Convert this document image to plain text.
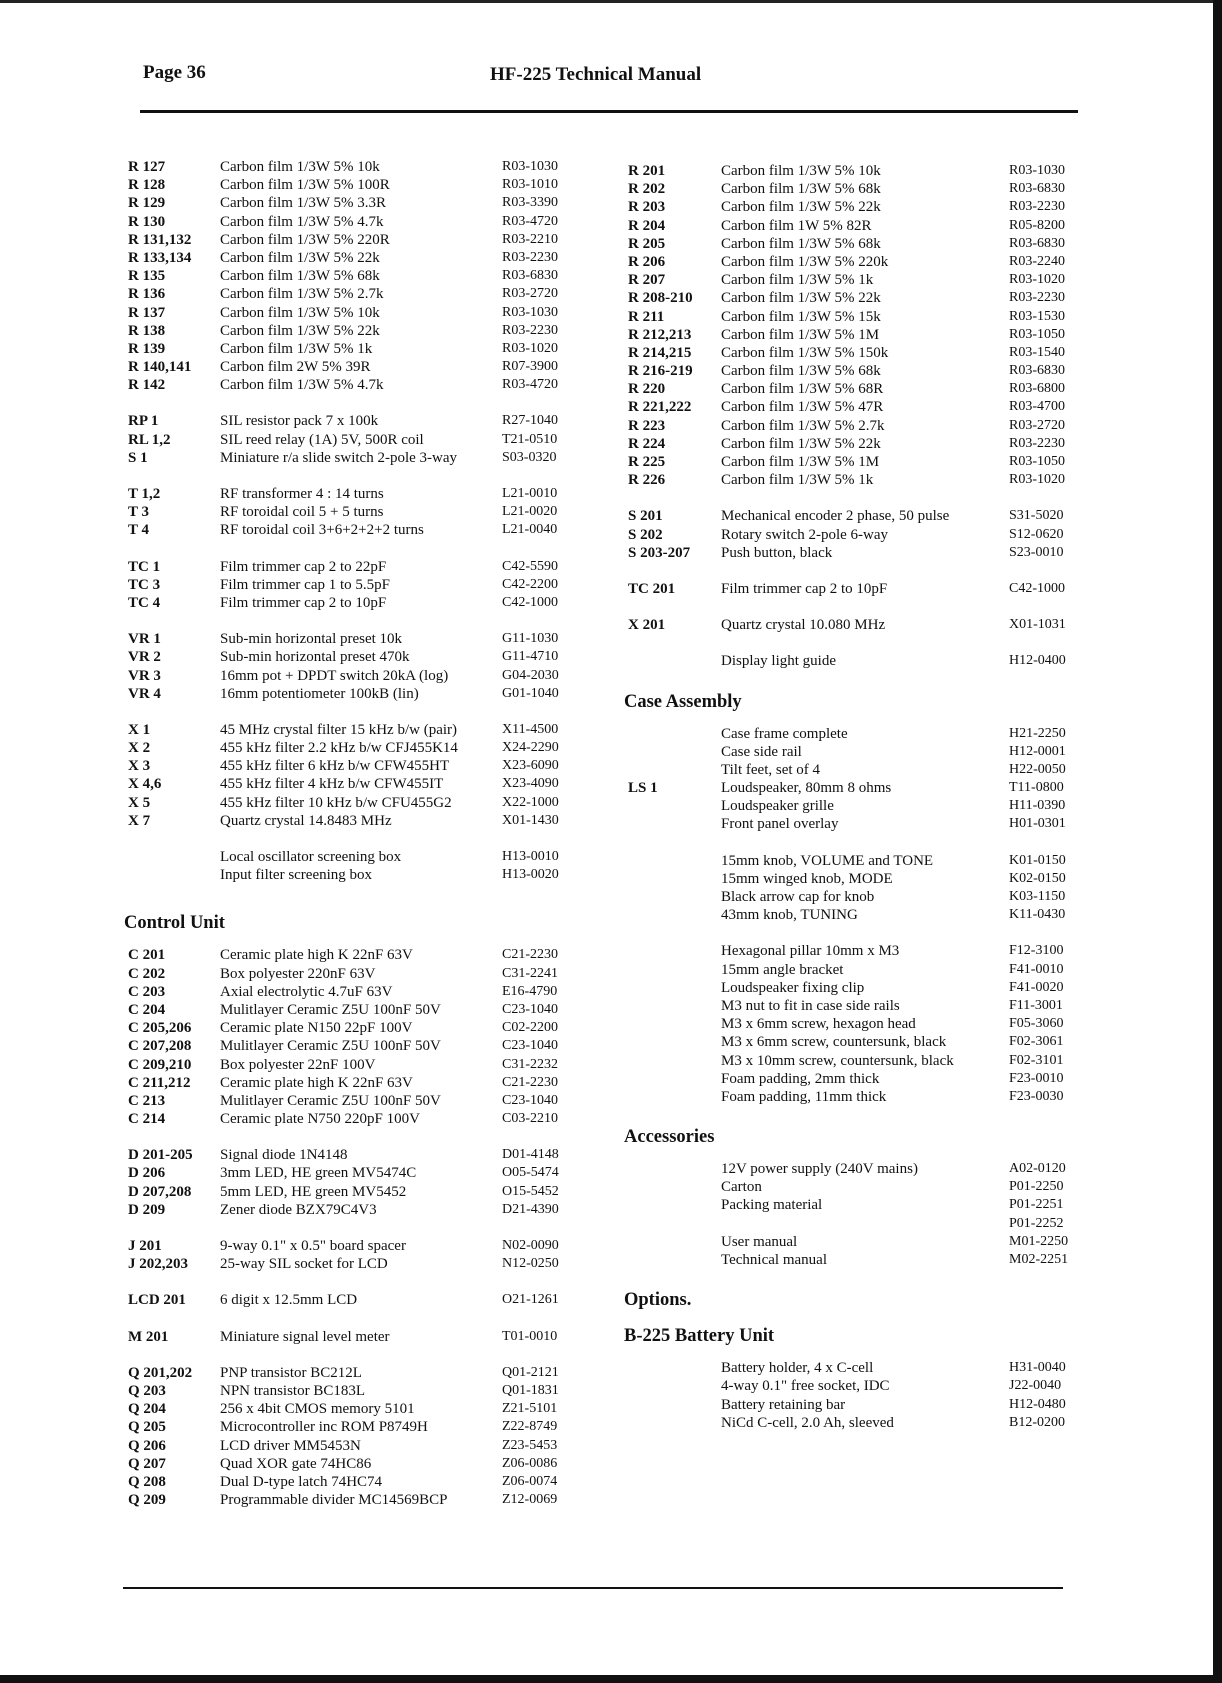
Page 36	HF-225 Technical Manual
R 127	Carbon film 1/3W 5% 10k	R03-1030
R 128	Carbon film 1/3W 5% 100R	R03-1010
R 129	Carbon film 1/3W 5% 3.3R	R03-3390
R 130	Carbon film 1/3W 5% 4.7k	R03-4720
R 131,132	Carbon film 1/3W 5% 220R	R03-2210
R 133,134	Carbon film 1/3W 5% 22k	R03-2230
R 135	Carbon film 1/3W 5% 68k	R03-6830
R 136	Carbon film 1/3W 5% 2.7k	R03-2720
R 137	Carbon film 1/3W 5% 10k	R03-1030
R 138	Carbon film 1/3W 5% 22k	R03-2230
R 139	Carbon film 1/3W 5% 1k	R03-1020
R 140,141	Carbon film 2W 5% 39R	R07-3900
R 142	Carbon film 1/3W 5% 4.7k	R03-4720
RP 1	SIL resistor pack 7 x 100k	R27-1040
RL 1,2	SIL reed relay (1A) 5V, 500R coil	T21-0510
S 1	Miniature r/a slide switch 2-pole 3-way	S03-0320
T 1,2	RF transformer 4 : 14 turns	L21-0010
T 3	RF toroidal coil 5 + 5 turns	L21-0020
T 4	RF toroidal coil 3+6+2+2+2 turns	L21-0040
TC 1	Film trimmer cap 2 to 22pF	C42-5590
TC 3	Film trimmer cap 1 to 5.5pF	C42-2200
TC 4	Film trimmer cap 2 to 10pF	C42-1000
VR 1	Sub-min horizontal preset 10k	G11-1030
VR 2	Sub-min horizontal preset 470k	G11-4710
VR 3	16mm pot + DPDT switch 20kA (log)	G04-2030
VR 4	16mm potentiometer 100kB (lin)	G01-1040
X 1	45 MHz crystal filter 15 kHz b/w (pair)	X11-4500
X 2	455 kHz filter 2.2 kHz b/w CFJ455K14	X24-2290
X 3	455 kHz filter 6 kHz b/w CFW455HT	X23-6090
X 4,6	455 kHz filter 4 kHz b/w CFW455IT	X23-4090
X 5	455 kHz filter 10 kHz b/w CFU455G2	X22-1000
X 7	Quartz crystal 14.8483 MHz	X01-1430
Local oscillator screening box	H13-0010
Input filter screening box	H13-0020
Control Unit
C 201	Ceramic plate high K 22nF 63V	C21-2230
C 202	Box polyester 220nF 63V	C31-2241
C 203	Axial electrolytic 4.7uF 63V	E16-4790
C 204	Mulitlayer Ceramic Z5U 100nF 50V	C23-1040
C 205,206	Ceramic plate N150 22pF 100V	C02-2200
C 207,208	Mulitlayer Ceramic Z5U 100nF 50V	C23-1040
C 209,210	Box polyester 22nF 100V	C31-2232
C 211,212	Ceramic plate high K 22nF 63V	C21-2230
C 213	Mulitlayer Ceramic Z5U 100nF 50V	C23-1040
C 214	Ceramic plate N750 220pF 100V	C03-2210
D 201-205	Signal diode 1N4148	D01-4148
D 206	3mm LED, HE green MV5474C	O05-5474
D 207,208	5mm LED, HE green MV5452	O15-5452
D 209	Zener diode BZX79C4V3	D21-4390
J 201	9-way 0.1" x 0.5" board spacer	N02-0090
J 202,203	25-way SIL socket for LCD	N12-0250
LCD 201	6 digit x 12.5mm LCD	O21-1261
M 201	Miniature signal level meter	T01-0010
Q 201,202	PNP transistor BC212L	Q01-2121
Q 203	NPN transistor BC183L	Q01-1831
Q 204	256 x 4bit CMOS memory 5101	Z21-5101
Q 205	Microcontroller inc ROM P8749H	Z22-8749
Q 206	LCD driver MM5453N	Z23-5453
Q 207	Quad XOR gate 74HC86	Z06-0086
Q 208	Dual D-type latch 74HC74	Z06-0074
Q 209	Programmable divider MC14569BCP	Z12-0069
R 201	Carbon film 1/3W 5% 10k	R03-1030
R 202	Carbon film 1/3W 5% 68k	R03-6830
R 203	Carbon film 1/3W 5% 22k	R03-2230
R 204	Carbon film 1W 5% 82R	R05-8200
R 205	Carbon film 1/3W 5% 68k	R03-6830
R 206	Carbon film 1/3W 5% 220k	R03-2240
R 207	Carbon film 1/3W 5% 1k	R03-1020
R 208-210	Carbon film 1/3W 5% 22k	R03-2230
R 211	Carbon film 1/3W 5% 15k	R03-1530
R 212,213	Carbon film 1/3W 5% 1M	R03-1050
R 214,215	Carbon film 1/3W 5% 150k	R03-1540
R 216-219	Carbon film 1/3W 5% 68k	R03-6830
R 220	Carbon film 1/3W 5% 68R	R03-6800
R 221,222	Carbon film 1/3W 5% 47R	R03-4700
R 223	Carbon film 1/3W 5% 2.7k	R03-2720
R 224	Carbon film 1/3W 5% 22k	R03-2230
R 225	Carbon film 1/3W 5% 1M	R03-1050
R 226	Carbon film 1/3W 5% 1k	R03-1020
S 201	Mechanical encoder 2 phase, 50 pulse	S31-5020
S 202	Rotary switch 2-pole 6-way	S12-0620
S 203-207	Push button, black	S23-0010
TC 201	Film trimmer cap 2 to 10pF	C42-1000
X 201	Quartz crystal 10.080 MHz	X01-1031
Display light guide	H12-0400
Case Assembly
Case frame complete	H21-2250
Case side rail	H12-0001
Tilt feet, set of 4	H22-0050
LS 1	Loudspeaker, 80mm 8 ohms	T11-0800
Loudspeaker grille	H11-0390
Front panel overlay	H01-0301
15mm knob, VOLUME and TONE	K01-0150
15mm winged knob, MODE	K02-0150
Black arrow cap for knob	K03-1150
43mm knob, TUNING	K11-0430
Hexagonal pillar 10mm x M3	F12-3100
15mm angle bracket	F41-0010
Loudspeaker fixing clip	F41-0020
M3 nut to fit in case side rails	F11-3001
M3 x 6mm screw, hexagon head	F05-3060
M3 x 6mm screw, countersunk, black	F02-3061
M3 x 10mm screw, countersunk, black	F02-3101
Foam padding, 2mm thick	F23-0010
Foam padding, 11mm thick	F23-0030
Accessories
12V power supply (240V mains)	A02-0120
Carton	P01-2250
Packing material	P01-2251
P01-2252
User manual	M01-2250
Technical manual	M02-2251
Options.
B-225 Battery Unit
Battery holder, 4 x C-cell	H31-0040
4-way 0.1" free socket, IDC	J22-0040
Battery retaining bar	H12-0480
NiCd C-cell, 2.0 Ah, sleeved	B12-0200
